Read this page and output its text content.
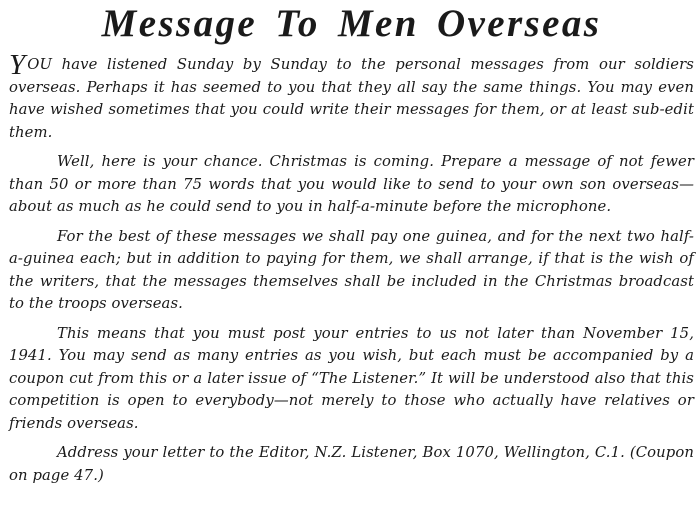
Message To Men Overseas

YOU have listened Sunday by Sunday to the personal messages from our soldiers overseas. Perhaps it has seemed to you that they all say the same things. You may even have wished sometimes that you could write their messages for them, or at least sub-edit them.

Well, here is your chance. Christmas is coming. Prepare a message of not fewer than 50 or more than 75 words that you would like to send to your own son overseas—about as much as he could send to you in half-a-minute before the microphone.

For the best of these messages we shall pay one guinea, and for the next two half-a-guinea each; but in addition to paying for them, we shall arrange, if that is the wish of the writers, that the messages themselves shall be included in the Christmas broadcast to the troops overseas.

This means that you must post your entries to us not later than November 15, 1941. You may send as many entries as you wish, but each must be accompanied by a coupon cut from this or a later issue of “The Listener.” It will be understood also that this competition is open to everybody—not merely to those who actually have relatives or friends overseas.

Address your letter to the Editor, N.Z. Listener, Box 1070, Wellington, C.1. (Coupon on page 47.)
